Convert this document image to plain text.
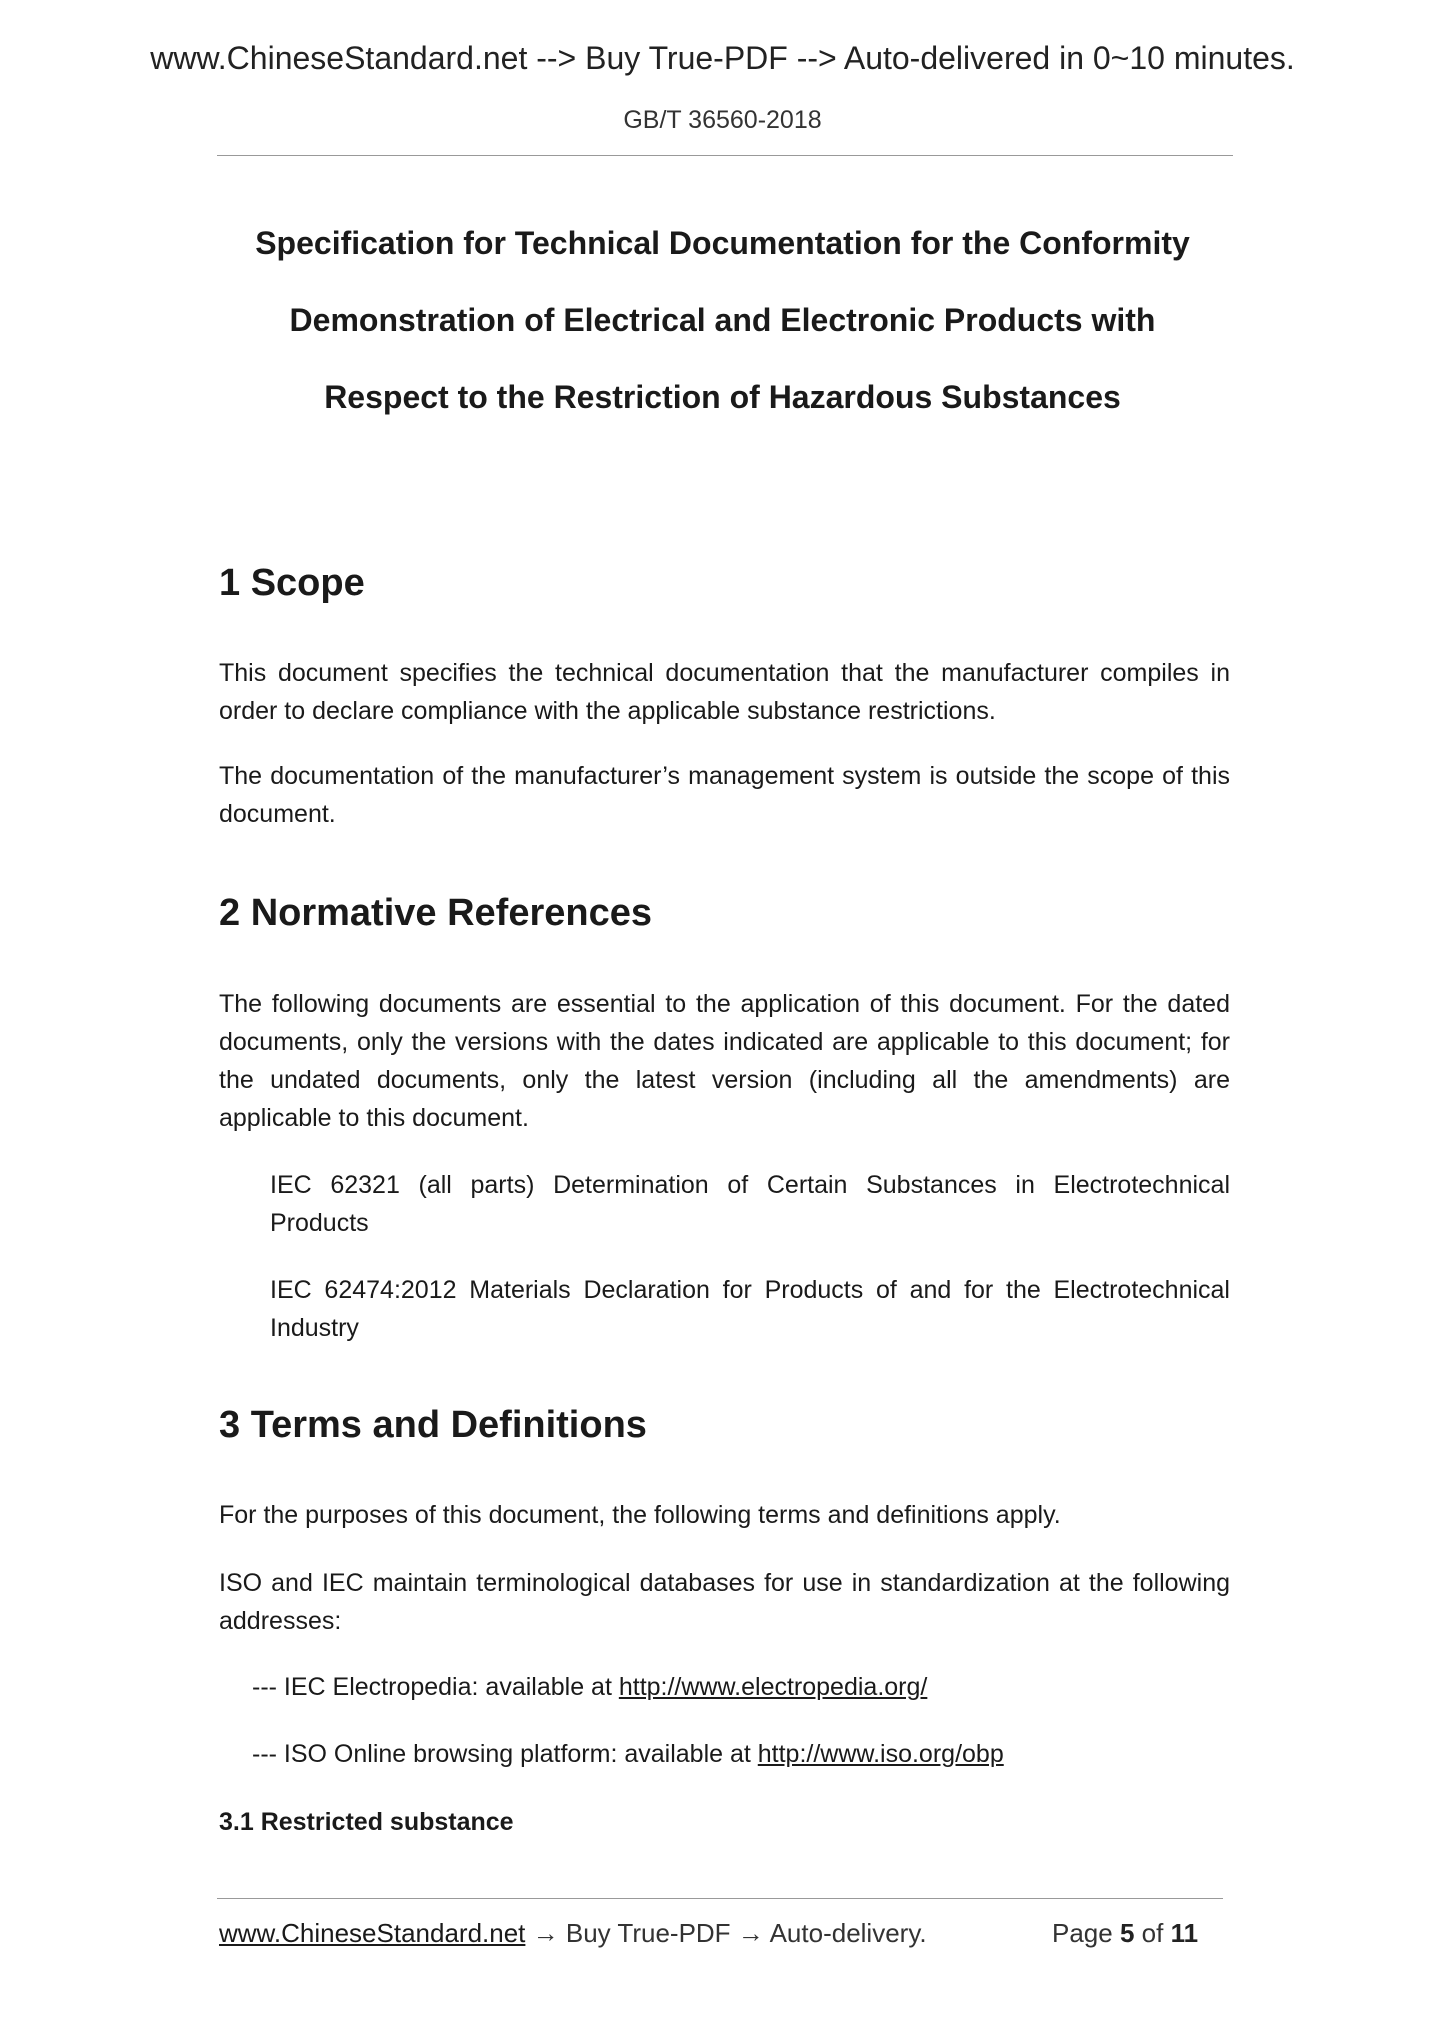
www.ChineseStandard.net --> Buy True-PDF --> Auto-delivered in 0~10 minutes.
GB/T 36560-2018
Specification for Technical Documentation for the Conformity
Demonstration of Electrical and Electronic Products with
Respect to the Restriction of Hazardous Substances
1 Scope

This document specifies the technical documentation that the manufacturer compiles in order to declare compliance with the applicable substance restrictions.

The documentation of the manufacturer’s management system is outside the scope of this document.

2 Normative References

The following documents are essential to the application of this document. For the dated documents, only the versions with the dates indicated are applicable to this document; for the undated documents, only the latest version (including all the amendments) are applicable to this document.

IEC 62321 (all parts) Determination of Certain Substances in Electrotechnical Products

IEC 62474:2012 Materials Declaration for Products of and for the Electrotechnical Industry

3 Terms and Definitions

For the purposes of this document, the following terms and definitions apply.

ISO and IEC maintain terminological databases for use in standardization at the following addresses:

--- IEC Electropedia: available at http://www.electropedia.org/

--- ISO Online browsing platform: available at http://www.iso.org/obp

3.1 Restricted substance
www.ChineseStandard.net → Buy True-PDF → Auto-delivery.	Page 5 of 11
